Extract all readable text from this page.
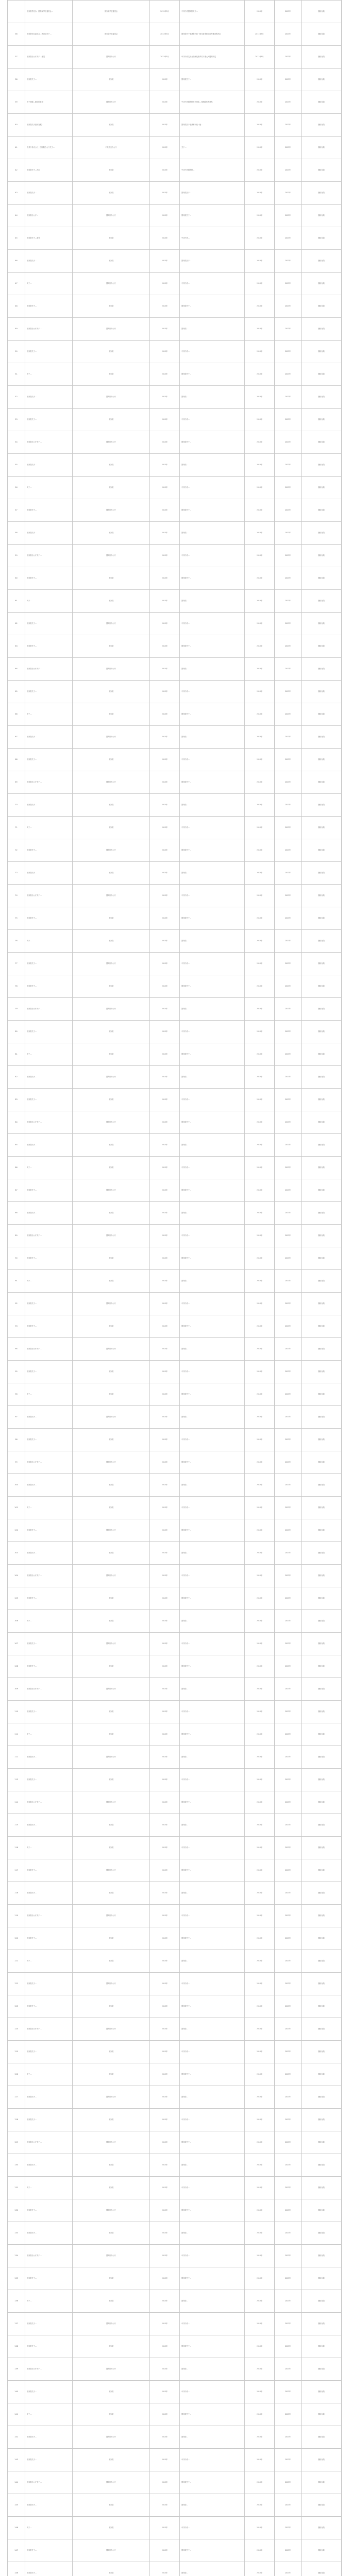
	国务院学位办、国务院学位委员会…	国务院学位委员会	2013年3月	中共中央国务院关于…	2013年	2013年	继续有效
36	国务院学位委员会、教育部关于…	国务院学位委员会	2013年3月	国务院关于取消和下放一批行政审批项目等事项的决定	2013年3月	2013年	继续有效
37	国务院办公厅关于…意见	国务院办公厅	2013年5月	中共中央关于全面深化改革若干重大问题的决定	2013年5月	2013年	继续有效
38	国务院关于…	国务院	2013年	国务院关于…	2013年	2013年	继续有效
39	关于加强…建设的意见	国务院办公厅	2013年	中共中央国务院关于深化…体制改革的意见	2013年	2013年	继续有效
40	国务院关于加快发展…	国务院	2013年	国务院关于取消和下放一批…	2013年	2013年	继续有效
41	中共中央办公厅、国务院办公厅关于…	中共中央办公厅	2013年	关于…	2013年	2013年	继续有效
42	国务院关于…决定	国务院	2013年	中共中央国务院…	2013年	2013年	继续有效
43	国务院关于…	国务院	2013年	国务院关于…	2013年	2013年	继续有效
44	国务院办公厅…	国务院办公厅	2013年	国务院关于…	2013年	2013年	继续有效
45	国务院关于…意见	国务院	2013年	中共中央…	2013年	2013年	继续有效
46	国务院关于…	国务院	2013年	国务院关于…	2013年	2013年	继续有效
47	关于…	国务院办公厅	2013年	中共中央…	2013年	2013年	继续有效
48	国务院关于…	国务院	2013年	国务院关于…	2013年	2013年	继续有效
49	国务院办公厅关于…	国务院办公厅	2013年	国务院…	2013年	2013年	继续有效
50	国务院关于…	国务院	2013年	中共中央…	2013年	2013年	继续有效
51	关于…	国务院	2013年	国务院关于…	2013年	2013年	继续有效
52	国务院关于…	国务院办公厅	2013年	国务院…	2013年	2013年	继续有效
53	国务院关于…	国务院	2013年	中共中央…	2013年	2013年	继续有效
54	国务院办公厅关于…	国务院办公厅	2013年	国务院关于…	2013年	2013年	继续有效
55	国务院关于…	国务院	2013年	国务院…	2013年	2013年	继续有效
56	关于…	国务院	2013年	中共中央…	2013年	2013年	继续有效
57	国务院关于…	国务院办公厅	2013年	国务院关于…	2013年	2013年	继续有效
58	国务院关于…	国务院	2013年	国务院…	2013年	2013年	继续有效
59	国务院办公厅关于…	国务院办公厅	2013年	中共中央…	2013年	2013年	继续有效
60	国务院关于…	国务院	2013年	国务院关于…	2013年	2013年	继续有效
61	关于…	国务院	2013年	国务院…	2013年	2013年	继续有效
62	国务院关于…	国务院办公厅	2013年	中共中央…	2013年	2013年	继续有效
63	国务院关于…	国务院	2013年	国务院关于…	2013年	2013年	继续有效
64	国务院办公厅关于…	国务院办公厅	2013年	国务院…	2013年	2013年	继续有效
65	国务院关于…	国务院	2013年	中共中央…	2013年	2013年	继续有效
66	关于…	国务院	2013年	国务院关于…	2013年	2013年	继续有效
67	国务院关于…	国务院办公厅	2013年	国务院…	2013年	2013年	继续有效
68	国务院关于…	国务院	2013年	中共中央…	2013年	2013年	继续有效
69	国务院办公厅关于…	国务院办公厅	2013年	国务院关于…	2013年	2013年	继续有效
70	国务院关于…	国务院	2013年	国务院…	2013年	2013年	继续有效
71	关于…	国务院	2013年	中共中央…	2013年	2013年	继续有效
72	国务院关于…	国务院办公厅	2013年	国务院关于…	2013年	2013年	继续有效
73	国务院关于…	国务院	2013年	国务院…	2013年	2013年	继续有效
74	国务院办公厅关于…	国务院办公厅	2013年	中共中央…	2013年	2013年	继续有效
75	国务院关于…	国务院	2013年	国务院关于…	2013年	2013年	继续有效
76	关于…	国务院	2013年	国务院…	2013年	2013年	继续有效
77	国务院关于…	国务院办公厅	2013年	中共中央…	2013年	2013年	继续有效
78	国务院关于…	国务院	2013年	国务院关于…	2013年	2013年	继续有效
79	国务院办公厅关于…	国务院办公厅	2013年	国务院…	2013年	2013年	继续有效
80	国务院关于…	国务院	2013年	中共中央…	2013年	2013年	继续有效
81	关于…	国务院	2013年	国务院关于…	2013年	2013年	继续有效
82	国务院关于…	国务院办公厅	2013年	国务院…	2013年	2013年	继续有效
83	国务院关于…	国务院	2013年	中共中央…	2013年	2013年	继续有效
84	国务院办公厅关于…	国务院办公厅	2013年	国务院关于…	2013年	2013年	继续有效
85	国务院关于…	国务院	2013年	国务院…	2013年	2013年	继续有效
86	关于…	国务院	2013年	中共中央…	2013年	2013年	继续有效
87	国务院关于…	国务院办公厅	2013年	国务院关于…	2013年	2013年	继续有效
88	国务院关于…	国务院	2013年	国务院…	2013年	2013年	继续有效
89	国务院办公厅关于…	国务院办公厅	2013年	中共中央…	2013年	2013年	继续有效
90	国务院关于…	国务院	2013年	国务院关于…	2013年	2013年	继续有效
91	关于…	国务院	2013年	国务院…	2013年	2013年	继续有效
92	国务院关于…	国务院办公厅	2013年	中共中央…	2013年	2013年	继续有效
93	国务院关于…	国务院	2013年	国务院关于…	2013年	2013年	继续有效
94	国务院办公厅关于…	国务院办公厅	2013年	国务院…	2013年	2013年	继续有效
95	国务院关于…	国务院	2013年	中共中央…	2013年	2013年	继续有效
96	关于…	国务院	2013年	国务院关于…	2013年	2013年	继续有效
97	国务院关于…	国务院办公厅	2013年	国务院…	2013年	2013年	继续有效
98	国务院关于…	国务院	2013年	中共中央…	2013年	2013年	继续有效
99	国务院办公厅关于…	国务院办公厅	2013年	国务院关于…	2013年	2013年	继续有效
100	国务院关于…	国务院	2013年	国务院…	2013年	2013年	继续有效
101	关于…	国务院	2013年	中共中央…	2013年	2013年	继续有效
102	国务院关于…	国务院办公厅	2013年	国务院关于…	2013年	2013年	继续有效
103	国务院关于…	国务院	2013年	国务院…	2013年	2013年	继续有效
104	国务院办公厅关于…	国务院办公厅	2013年	中共中央…	2013年	2013年	继续有效
105	国务院关于…	国务院	2013年	国务院关于…	2013年	2013年	继续有效
106	关于…	国务院	2013年	国务院…	2013年	2013年	继续有效
107	国务院关于…	国务院办公厅	2013年	中共中央…	2013年	2013年	继续有效
108	国务院关于…	国务院	2013年	国务院关于…	2013年	2013年	继续有效
109	国务院办公厅关于…	国务院办公厅	2013年	国务院…	2013年	2013年	继续有效
110	国务院关于…	国务院	2013年	中共中央…	2013年	2013年	继续有效
111	关于…	国务院	2013年	国务院关于…	2013年	2013年	继续有效
112	国务院关于…	国务院办公厅	2013年	国务院…	2013年	2013年	继续有效
113	国务院关于…	国务院	2013年	中共中央…	2013年	2013年	继续有效
114	国务院办公厅关于…	国务院办公厅	2013年	国务院关于…	2013年	2013年	继续有效
115	国务院关于…	国务院	2013年	国务院…	2013年	2013年	继续有效
116	关于…	国务院	2013年	中共中央…	2013年	2013年	继续有效
117	国务院关于…	国务院办公厅	2013年	国务院关于…	2013年	2013年	继续有效
118	国务院关于…	国务院	2013年	国务院…	2013年	2013年	继续有效
119	国务院办公厅关于…	国务院办公厅	2013年	中共中央…	2013年	2013年	继续有效
120	国务院关于…	国务院	2013年	国务院关于…	2013年	2013年	继续有效
121	关于…	国务院	2013年	国务院…	2013年	2013年	继续有效
122	国务院关于…	国务院办公厅	2013年	中共中央…	2013年	2013年	继续有效
123	国务院关于…	国务院	2013年	国务院关于…	2013年	2013年	继续有效
124	国务院办公厅关于…	国务院办公厅	2013年	国务院…	2013年	2013年	继续有效
125	国务院关于…	国务院	2013年	中共中央…	2013年	2013年	继续有效
126	关于…	国务院	2013年	国务院关于…	2013年	2013年	继续有效
127	国务院关于…	国务院办公厅	2013年	国务院…	2013年	2013年	继续有效
128	国务院关于…	国务院	2013年	中共中央…	2013年	2013年	继续有效
129	国务院办公厅关于…	国务院办公厅	2013年	国务院关于…	2013年	2013年	继续有效
130	国务院关于…	国务院	2013年	国务院…	2013年	2013年	继续有效
131	关于…	国务院	2013年	中共中央…	2013年	2013年	继续有效
132	国务院关于…	国务院办公厅	2013年	国务院关于…	2013年	2013年	继续有效
133	国务院关于…	国务院	2013年	国务院…	2013年	2013年	继续有效
134	国务院办公厅关于…	国务院办公厅	2013年	中共中央…	2013年	2013年	继续有效
135	国务院关于…	国务院	2013年	国务院关于…	2013年	2013年	继续有效
136	关于…	国务院	2013年	国务院…	2013年	2013年	继续有效
137	国务院关于…	国务院办公厅	2013年	中共中央…	2013年	2013年	继续有效
138	国务院关于…	国务院	2013年	国务院关于…	2013年	2013年	继续有效
139	国务院办公厅关于…	国务院办公厅	2013年	国务院…	2013年	2013年	继续有效
140	国务院关于…	国务院	2013年	中共中央…	2013年	2013年	继续有效
141	关于…	国务院	2013年	国务院关于…	2013年	2013年	继续有效
142	国务院关于…	国务院办公厅	2013年	国务院…	2013年	2013年	继续有效
143	国务院关于…	国务院	2013年	中共中央…	2013年	2013年	继续有效
144	国务院办公厅关于…	国务院办公厅	2013年	国务院关于…	2013年	2013年	继续有效
145	国务院关于…	国务院	2013年	国务院…	2013年	2013年	继续有效
146	关于…	国务院	2013年	中共中央…	2013年	2013年	继续有效
147	国务院关于…	国务院办公厅	2013年	国务院关于…	2013年	2013年	继续有效
148	国务院关于…	国务院	2013年	国务院…	2013年	2013年	继续有效
